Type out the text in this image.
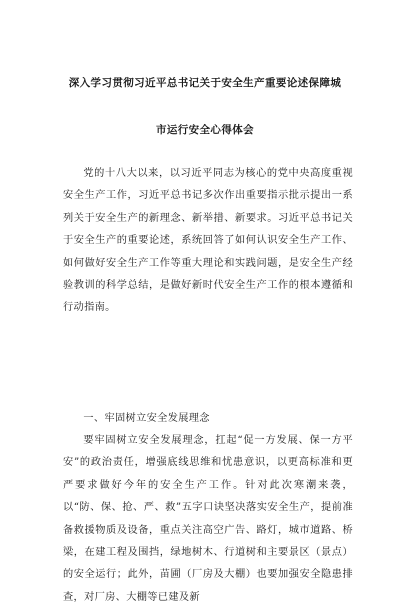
深入学习贯彻习近平总书记关于安全生产重要论述保障城
市运行安全心得体会

党的十八大以来，以习近平同志为核心的党中央高度重视安全生产工作，习近平总书记多次作出重要指示批示提出一系列关于安全生产的新理念、新举措、新要求。习近平总书记关于安全生产的重要论述，系统回答了如何认识安全生产工作、如何做好安全生产工作等重大理论和实践问题，是安全生产经验教训的科学总结，是做好新时代安全生产工作的根本遵循和行动指南。

一、牢固树立安全发展理念

要牢固树立安全发展理念，扛起“促一方发展、保一方平安”的政治责任，增强底线思维和忧患意识，以更高标准和更严要求做好今年的安全生产工作。针对此次寒潮来袭，以“防、保、抢、严、救”五字口诀坚决落实安全生产，提前准备救援物质及设备，重点关注高空广告、路灯，城市道路、桥梁，在建工程及围挡，绿地树木、行道树和主要景区（景点）的安全运行；此外，苗圃（厂房及大棚）也要加强安全隐患排查，对厂房、大棚等已建及新
